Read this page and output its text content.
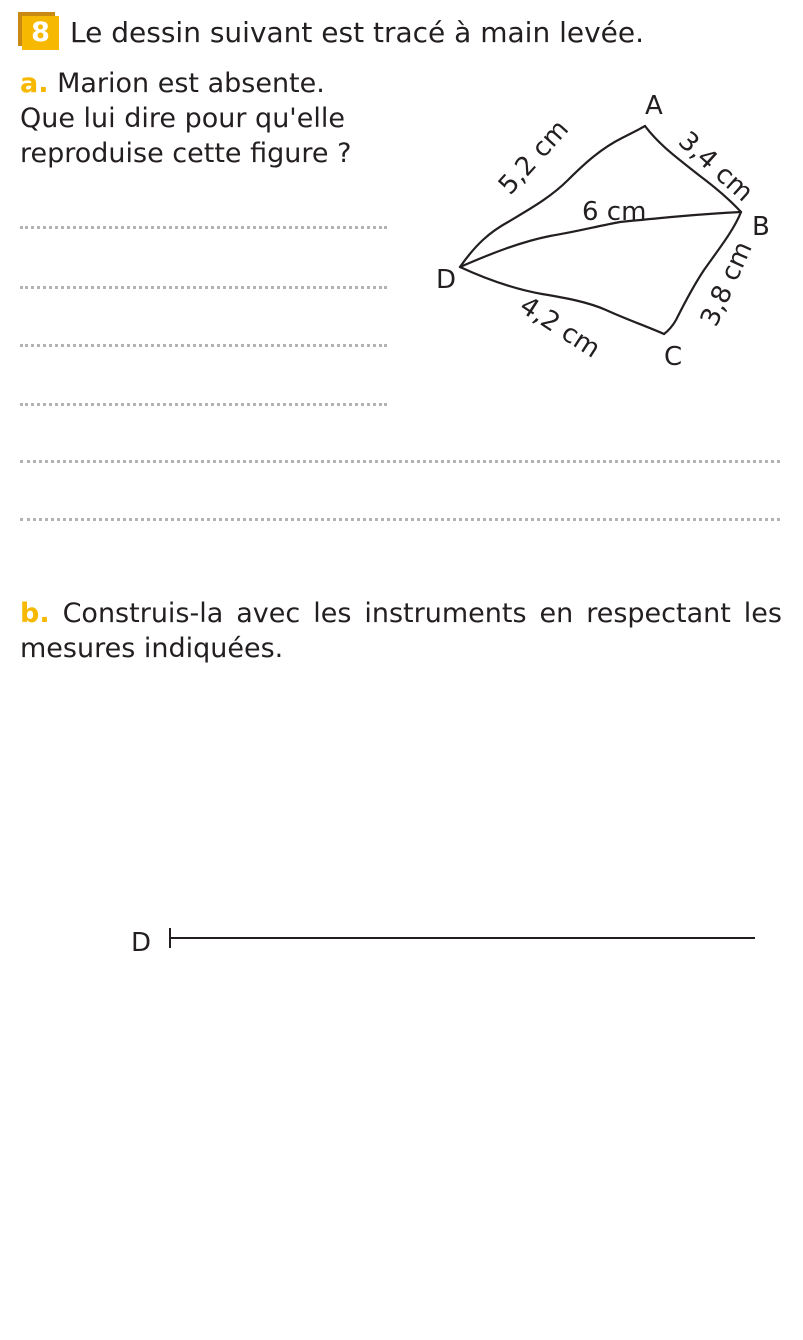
8 Le dessin suivant est tracé à main levée.
a. Marion est absente.
Que lui dire pour qu'elle
reproduise cette figure ?
A
B
C
D
5,2 cm	3,4 cm
6 cm
3,8 cm
4,2 cm
D
b. Construis-la avec les instruments en respectant les mesures indiquées.
